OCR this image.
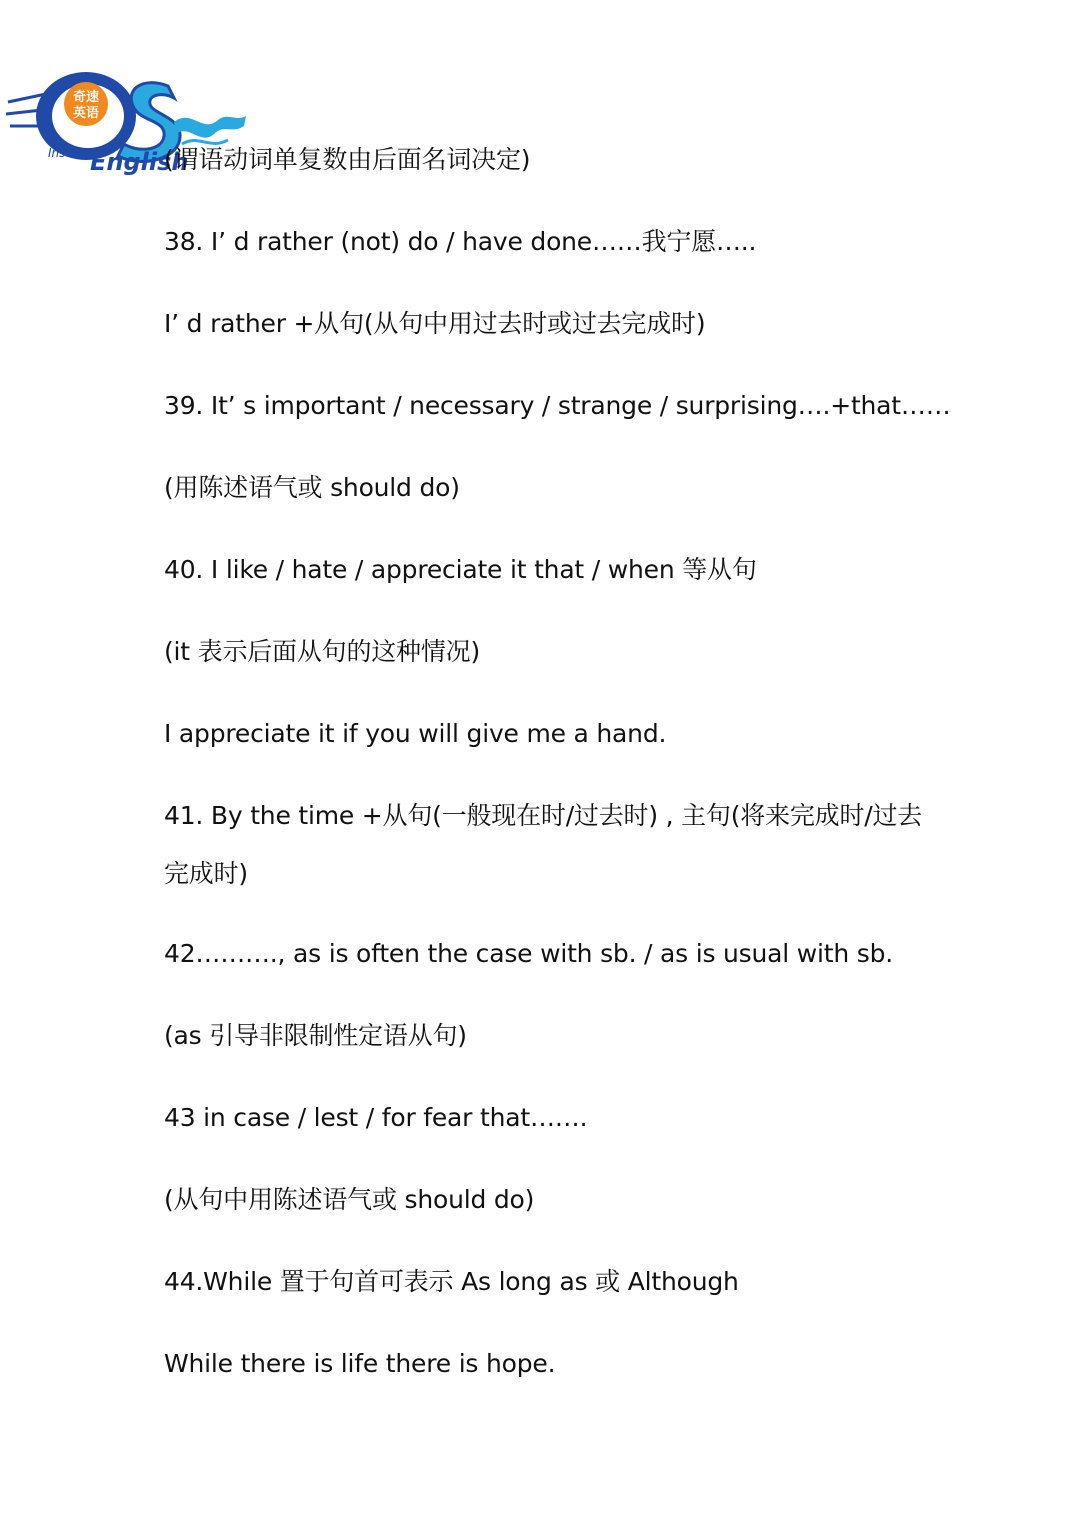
奇速
英语
Instant English
(谓语动词单复数由后面名词决定)
38. I’ d rather (not) do / have done……我宁愿…..
I’ d rather +从句(从句中用过去时或过去完成时)
39. It’ s important / necessary / strange / surprising….+that……
(用陈述语气或 should do)
40. I like / hate / appreciate it that / when 等从句
(it 表示后面从句的这种情况)
I appreciate it if you will give me a hand.
41. By the time +从句(一般现在时/过去时) , 主句(将来完成时/过去
完成时)
42………., as is often the case with sb. / as is usual with sb.
(as 引导非限制性定语从句)
43 in case / lest / for fear that…….
(从句中用陈述语气或 should do)
44.While 置于句首可表示 As long as 或 Although
While there is life there is hope.
